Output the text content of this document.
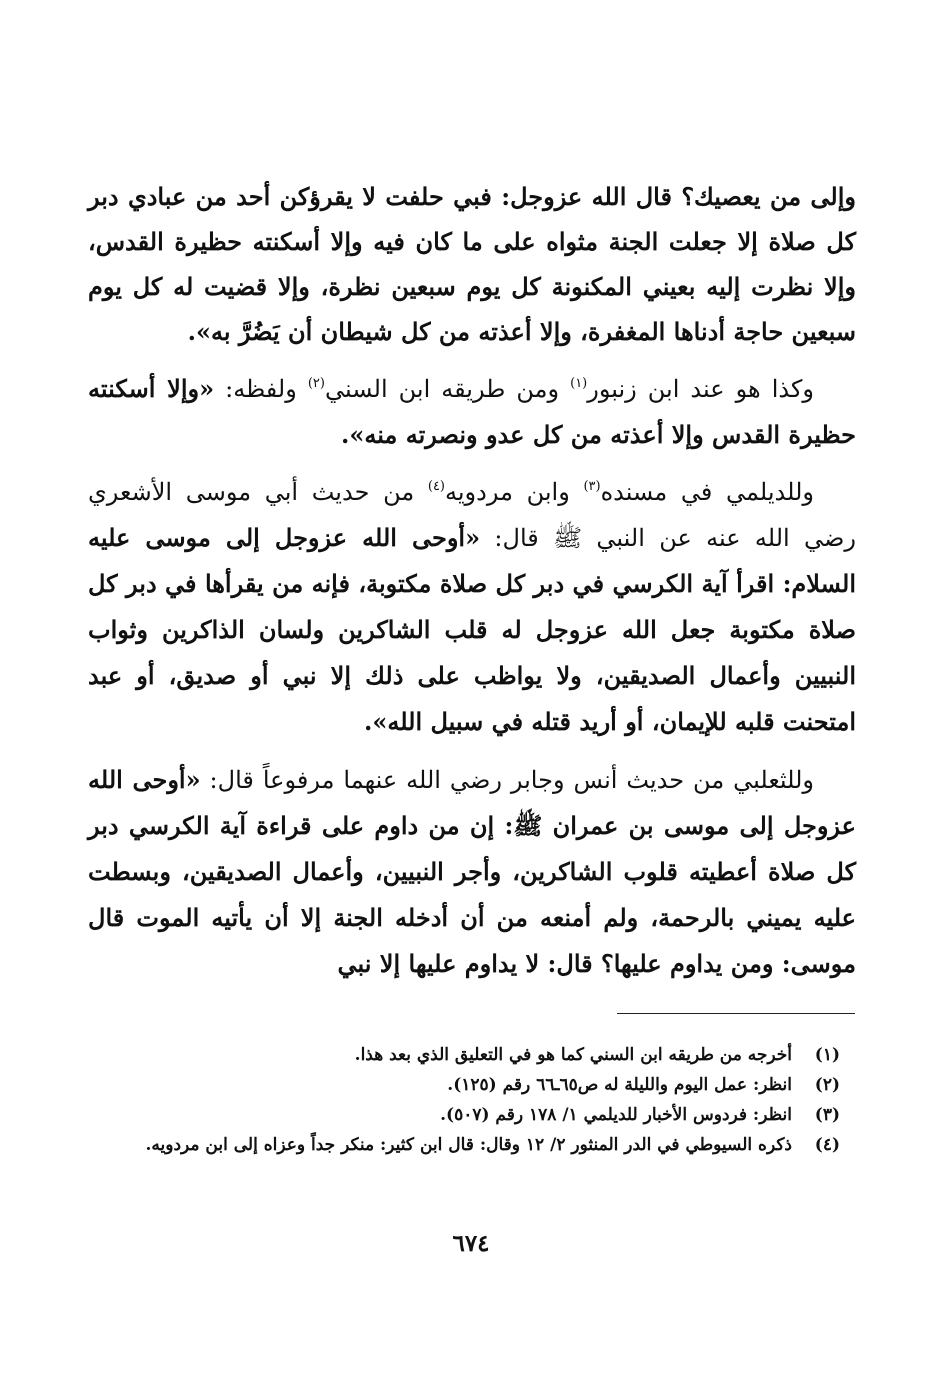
وإلى من يعصيك؟ قال الله عزوجل: فبي حلفت لا يقرؤكن أحد من عبادي دبر كل صلاة إلا جعلت الجنة مثواه على ما كان فيه وإلا أسكنته حظيرة القدس، وإلا نظرت إليه بعيني المكنونة كل يوم سبعين نظرة، وإلا قضيت له كل يوم سبعين حاجة أدناها المغفرة، وإلا أعذته من كل شيطان أن يَضُرَّ به».

وكذا هو عند ابن زنبور$^{(١)}$ ومن طريقه ابن السني$^{(٢)}$ ولفظه: «وإلا أسكنته حظيرة القدس وإلا أعذته من كل عدو ونصرته منه».

وللديلمي في مسنده$^{(٣)}$ وابن مردويه$^{(٤)}$ من حديث أبي موسى الأشعري رضي الله عنه عن النبي ﷺ قال: «أوحى الله عزوجل إلى موسى عليه السلام: اقرأ آية الكرسي في دبر كل صلاة مكتوبة، فإنه من يقرأها في دبر كل صلاة مكتوبة جعل الله عزوجل له قلب الشاكرين ولسان الذاكرين وثواب النبيين وأعمال الصديقين، ولا يواظب على ذلك إلا نبي أو صديق، أو عبد امتحنت قلبه للإيمان، أو أريد قتله في سبيل الله».

وللثعلبي من حديث أنس وجابر رضي الله عنهما مرفوعاً قال: «أوحى الله عزوجل إلى موسى بن عمران ﷺ: إن من داوم على قراءة آية الكرسي دبر كل صلاة أعطيته قلوب الشاكرين، وأجر النبيين، وأعمال الصديقين، وبسطت عليه يميني بالرحمة، ولم أمنعه من أن أدخله الجنة إلا أن يأتيه الموت قال موسى: ومن يداوم عليها؟ قال: لا يداوم عليها إلا نبي

(١)
أخرجه من طريقه ابن السني كما هو في التعليق الذي بعد هذا.
(٢)
انظر: عمل اليوم والليلة له ص٦٥ـ٦٦ رقم (١٢٥).
(٣)
انظر: فردوس الأخبار للديلمي ١/ ١٧٨ رقم (٥٠٧).
(٤)
ذكره السيوطي في الدر المنثور ٢/ ١٢ وقال: قال ابن كثير: منكر جداً وعزاه إلى ابن مردويه.
٦٧٤
